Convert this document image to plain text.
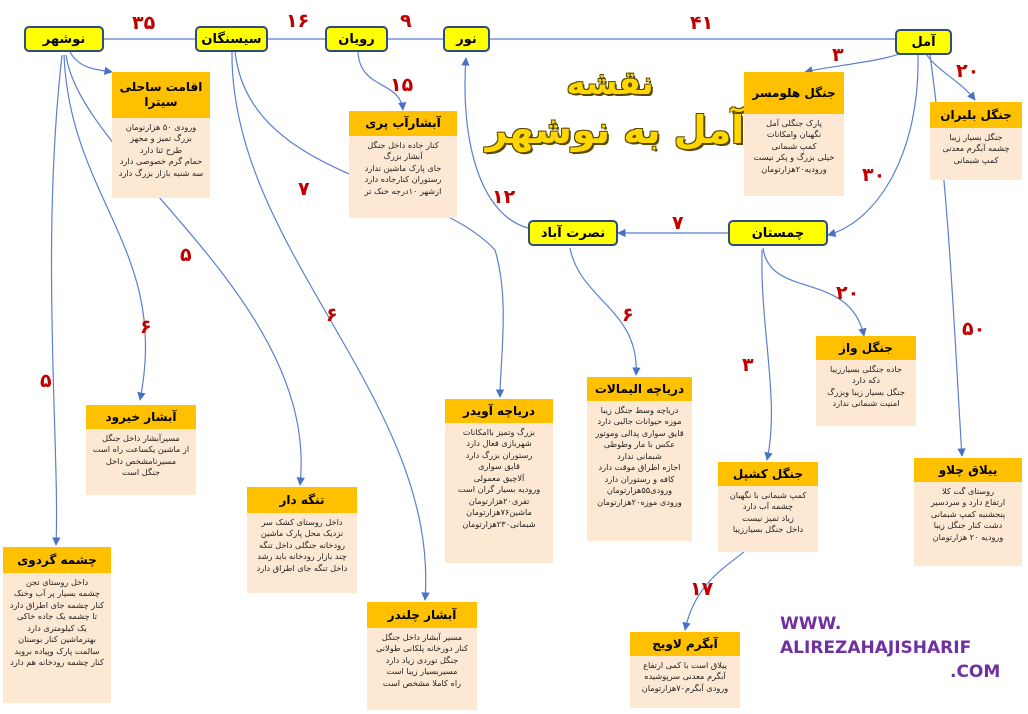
نقشه
آمل به نوشهر
WWW.
ALIREZAHAJISHARIF
.COM
نوشهر	سیسنگان	رویان	نور	آمل
چمستان
نصرت آباد
۳۵	۱۶	۹	۴۱
۳
۲۰
۳۰
۷
۱۲
۱۵
۲۰
۵۰
۳
۱۷
۶
۷
۶
۵
۶
۵
اقامت ساحلی سیترا
ورودی ۵۰ هزارتومان
بزرگ تمیز و مجهز
طرح ثنا دارد
حمام گرم خصوصی دارد
سه شنبه بازار بزرگ دارد
آبشارآب پری
کنار جاده داخل جنگل
آبشار بزرگ
جای پارک ماشین ندارد
رستوران کنارجاده دارد
ازشهر ۱۰درجه خنک تر
جنگل هلومسر
پارک جنگلی آمل
نگهبان وامکانات
کمپ شبمانی
خیلی بزرگ و پکر نیست
ورودیه۲۰هزارتومان
جنگل بلیران
جنگل بسیار زیبا
چشمه آبگرم معدنی
کمپ شبمانی
جنگل واز
جاده جنگلی بسیارزیبا
دکه دارد
جنگل بسیار زیبا وبزرگ
امنیت شبمانی ندارد
دریاچه الیمالات
دریاچه وسط جنگل زیبا
موزه حیوانات جالبی دارد
قایق سواری پدالی وموتور
عکس با مار وطوطی
شبمانی ندارد
اجازه اطراق موقت دارد
کافه و رستوران دارد
ورودی۵۵هزارتومان
ورودی موزه۲۰هزارتومان
دریاچه آویدر
بزرگ وتمیز باامکانات
شهربازی فعال دارد
رستوران بزرگ دارد
قایق سواری
آلاچیق معمولی
ورودیه بسیار گران است
تفری۲۰هزارتومان
ماشین۷۶هزارتومان
شبمانی۲۳۰هزارتومان
آبشار خیرود
مسیرآبشار داخل جنگل
از ماشین یکساعت راه است
مسیرنامشخص داخل
جنگل است
تنگه دار
داخل روستای کشک سر
نزدیک محل پارک ماشین
رودخانه جنگلی داخل تنگه
چند بازار رودخانه باید رشد
داخل تنگه جای اطراق دارد
جنگل کشپل
کمپ شبمانی با نگهبان
چشمه آب دارد
زیاد تمیز نیست
داخل جنگل بسیارزیبا
ییلاق چلاو
روستای گت کلا
ارتفاع دارد و سردسیر
پنجشنبه کمپ شبمانی
دشت کنار جنگل زیبا
ورودیه ۲۰ هزارتومان
چشمه گردوی
داخل روستای تجن
چشمه بسیار پر آب وخنک
کنار چشمه جای اطراق دارد
تا چشمه یک جاده خاکی
یک کیلومتری دارد
بهترماشین کنار بوستان
سالمت پارک وپیاده بروید
کنار چشمه رودخانه هم دارد
آبشار چلندر
مسیر آبشار داخل جنگل
کنار دورخانه پلکانی طولانی
جنگل توردی زیاد دارد
مسیربسیار زیبا است
راه کاملا مشخص است
آبگرم لاویج
ییلاق است با کمی ارتفاع
آبگرم معدنی سرپوشیده
ورودی آبگرم۷۰هزارتومان
